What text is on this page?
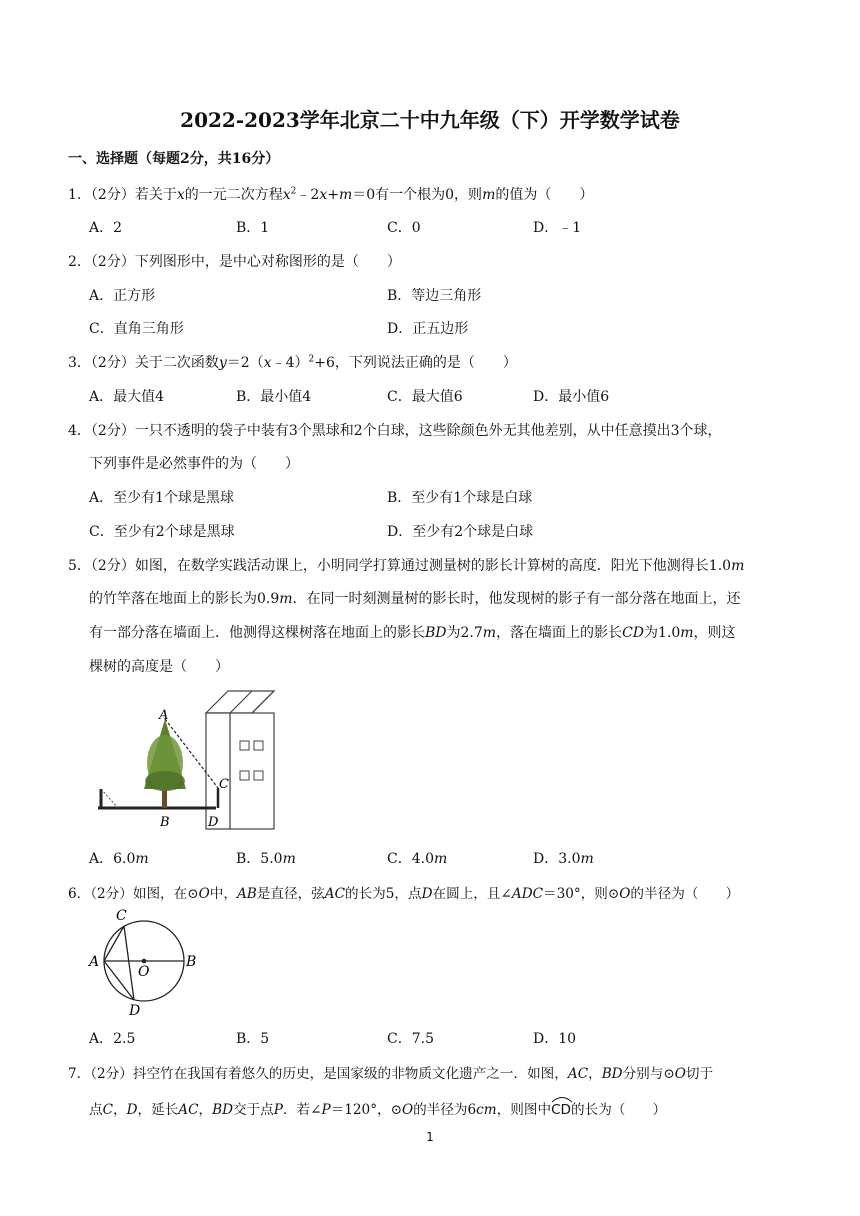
2022-2023学年北京二十中九年级（下）开学数学试卷
一、选择题（每题2分，共16分）
1．（2分）若关于x的一元二次方程$x^2﹣2x+m=0$有一个根为0，则m的值为（　　）
A．2	B．1	C．0	D．﹣1
2．（2分）下列图形中，是中心对称图形的是（　　）
A．正方形	B．等边三角形
C．直角三角形	D．正五边形
3．（2分）关于二次函数y＝2（x﹣4）$^2$+6，下列说法正确的是（　　）
A．最大值4	B．最小值4	C．最大值6	D．最小值6
4．（2分）一只不透明的袋子中装有3个黑球和2个白球，这些除颜色外无其他差别，从中任意摸出3个球，
下列事件是必然事件的为（　　）
A．至少有1个球是黑球	B．至少有1个球是白球
C．至少有2个球是黑球	D．至少有2个球是白球
5．（2分）如图，在数学实践活动课上，小明同学打算通过测量树的影长计算树的高度．阳光下他测得长1.0m
的竹竿落在地面上的影长为0.9m．在同一时刻测量树的影长时，他发现树的影子有一部分落在地面上，还
有一部分落在墙面上．他测得这棵树落在地面上的影长BD为2.7m，落在墙面上的影长CD为1.0m，则这
棵树的高度是（　　）
A
C
B	D
A．6.0m	B．5.0m	C．4.0m	D．3.0m
6．（2分）如图，在⊙O中，AB是直径，弦AC的长为5，点D在圆上，且∠ADC＝30°，则⊙O的半径为（　　）
C
A
O
B
D
A．2.5	B．5	C．7.5	D．10
7．（2分）抖空竹在我国有着悠久的历史，是国家级的非物质文化遗产之一．如图，AC，BD分别与⊙O切于
点C，D，延长AC，BD交于点P．若∠P＝120°，⊙O的半径为6cm，则图中
CD的长为（　　）
1
